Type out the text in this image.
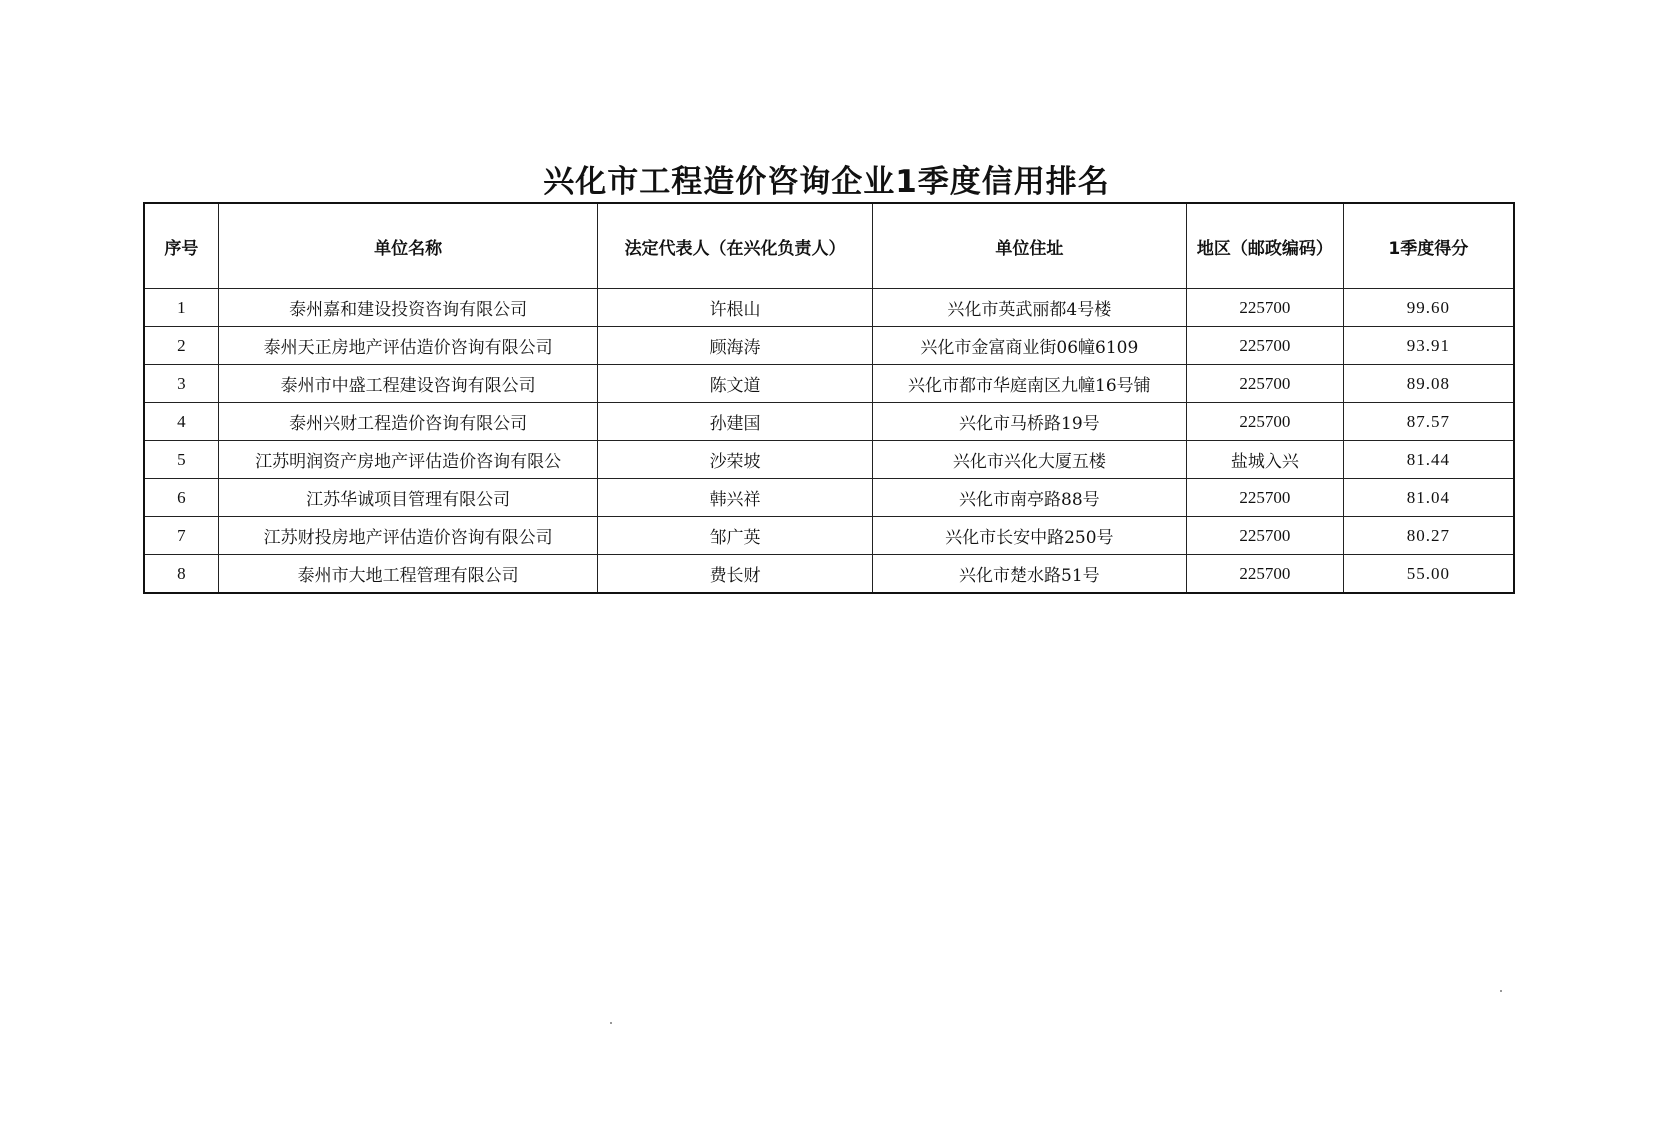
兴化市工程造价咨询企业1季度信用排名
序号	单位名称	法定代表人（在兴化负责人）	单位住址	地区（邮政编码）	1季度得分
1	泰州嘉和建设投资咨询有限公司	许根山	兴化市英武丽都4号楼	225700	99.60
2	泰州天正房地产评估造价咨询有限公司	顾海涛	兴化市金富商业街06幢6109	225700	93.91
3	泰州市中盛工程建设咨询有限公司	陈文道	兴化市都市华庭南区九幢16号铺	225700	89.08
4	泰州兴财工程造价咨询有限公司	孙建国	兴化市马桥路19号	225700	87.57
5	江苏明润资产房地产评估造价咨询有限公	沙荣坡	兴化市兴化大厦五楼	盐城入兴	81.44
6	江苏华诚项目管理有限公司	韩兴祥	兴化市南亭路88号	225700	81.04
7	江苏财投房地产评估造价咨询有限公司	邹广英	兴化市长安中路250号	225700	80.27
8	泰州市大地工程管理有限公司	费长财	兴化市楚水路51号	225700	55.00
